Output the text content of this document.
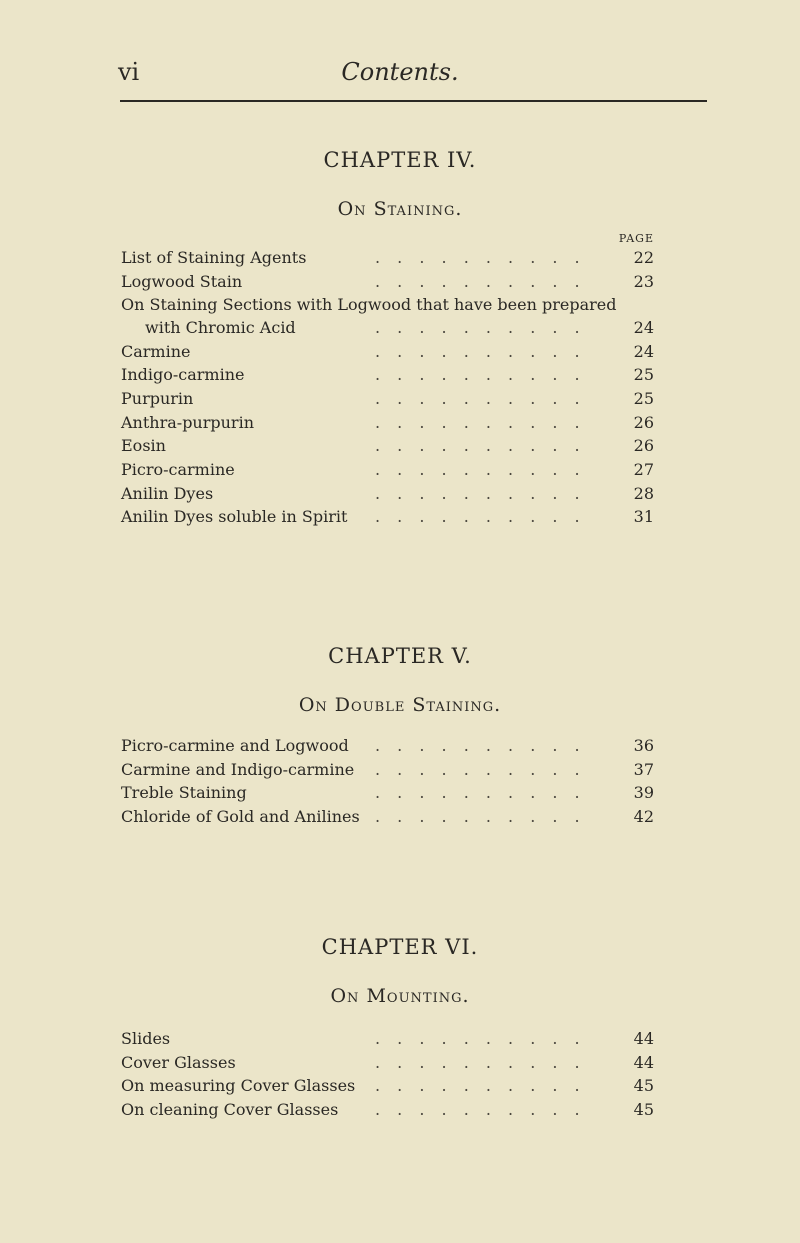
vi	Contents.
CHAPTER IV.
On Staining.
PAGE
List of Staining Agents	. . . . . . . . . .	22
Logwood Stain	. . . . . . . . . .	23
On Staining Sections with Logwood that have been prepared
with Chromic Acid	. . . . . . . . . .	24
Carmine	. . . . . . . . . .	24
Indigo-carmine	. . . . . . . . . .	25
Purpurin	. . . . . . . . . .	25
Anthra-purpurin	. . . . . . . . . .	26
Eosin	. . . . . . . . . .	26
Picro-carmine	. . . . . . . . . .	27
Anilin Dyes	. . . . . . . . . .	28
Anilin Dyes soluble in Spirit . . . . . . . . . .	31
CHAPTER V.
On Double Staining.
Picro-carmine and Logwood . . . . . . . . . .	36
Carmine and Indigo-carmine . . . . . . . . . .	37
Treble Staining	. . . . . . . . . .	39
Chloride of Gold and Anilines . . . . . . . . . .	42
CHAPTER VI.
On Mounting.
Slides	. . . . . . . . . .	44
Cover Glasses	. . . . . . . . . .	44
On measuring Cover Glasses . . . . . . . . . .	45
On cleaning Cover Glasses . . . . . . . . . .	45
